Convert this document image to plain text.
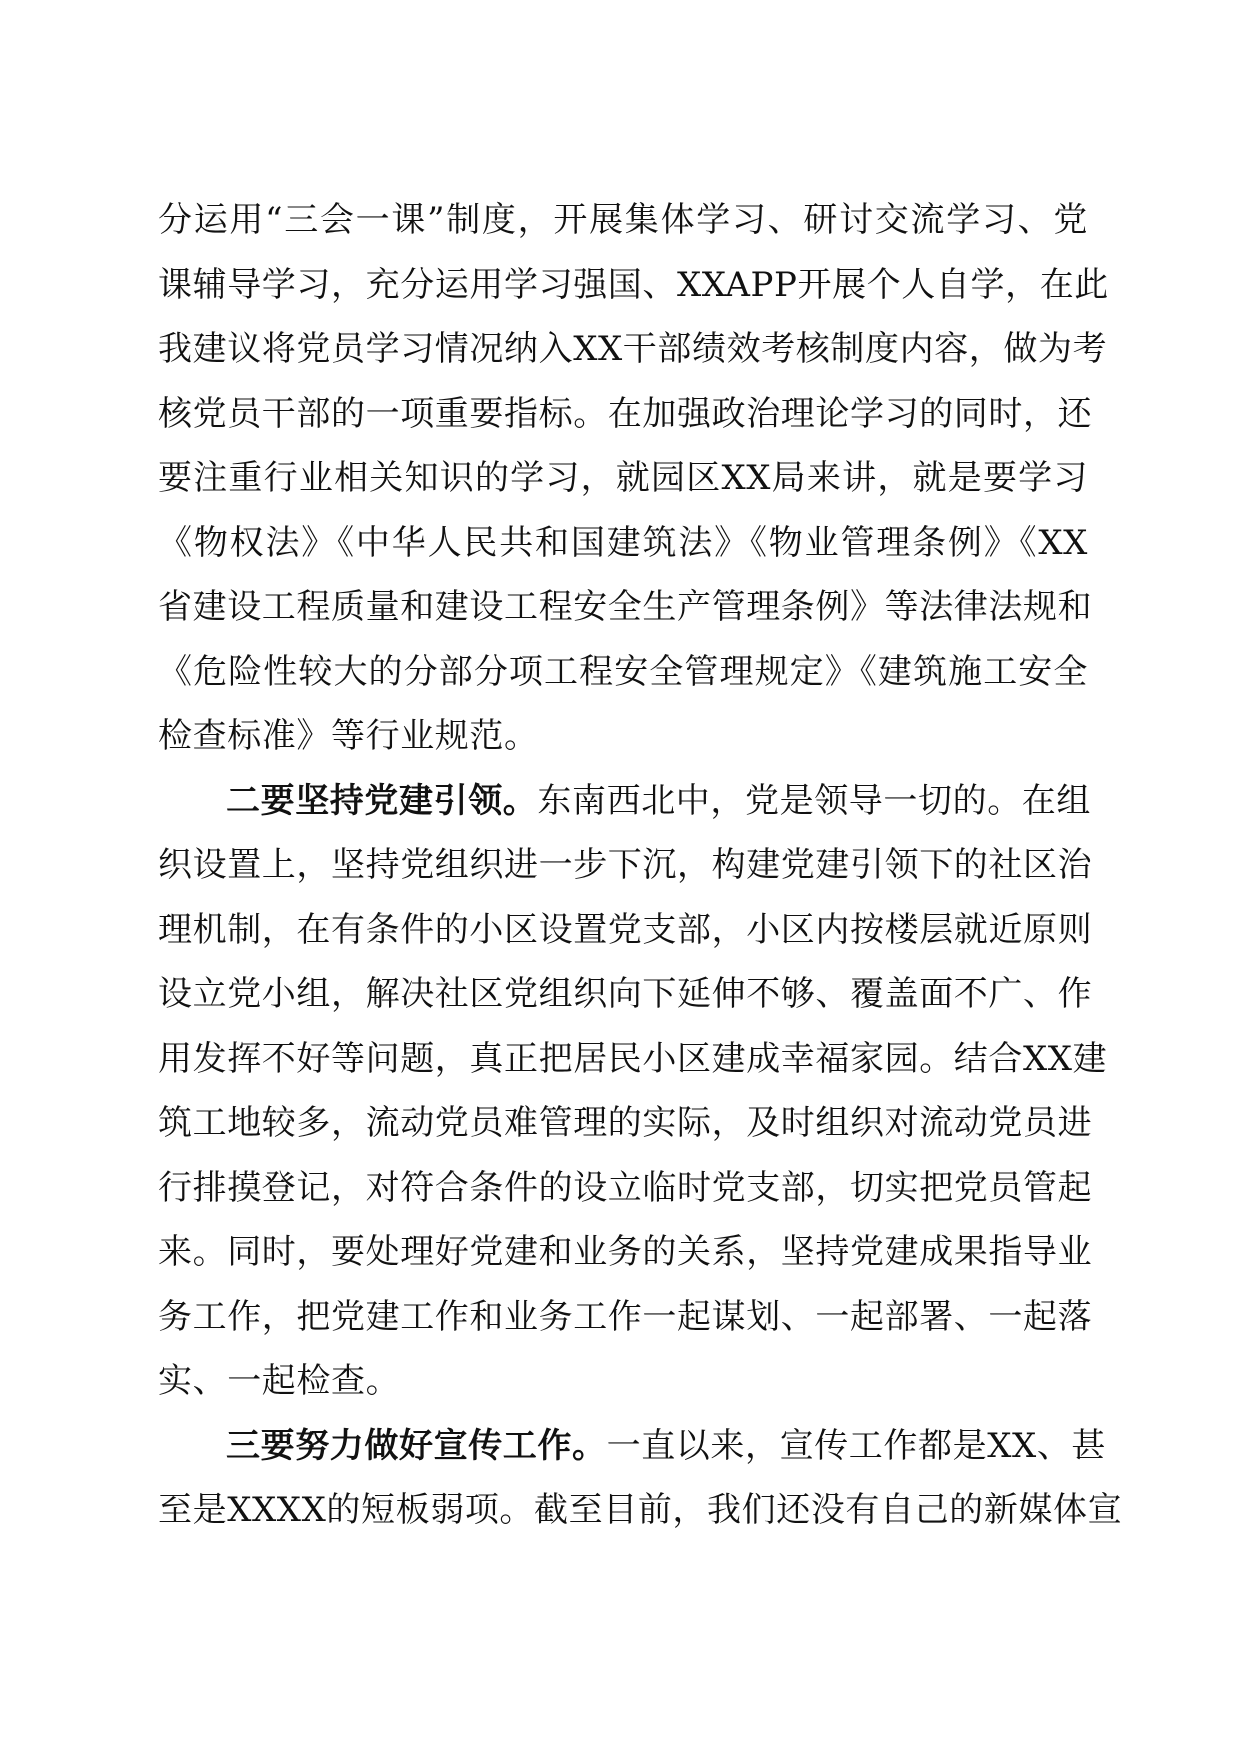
分运用“三会一课”制度，开展集体学习、研讨交流学习、党
课辅导学习，充分运用学习强国、XXAPP开展个人自学，在此
我建议将党员学习情况纳入XX干部绩效考核制度内容，做为考
核党员干部的一项重要指标。在加强政治理论学习的同时，还
要注重行业相关知识的学习，就园区XX局来讲，就是要学习
《物权法》《中华人民共和国建筑法》《物业管理条例》《XX
省建设工程质量和建设工程安全生产管理条例》等法律法规和
《危险性较大的分部分项工程安全管理规定》《建筑施工安全
检查标准》等行业规范。
二要坚持党建引领。东南西北中，党是领导一切的。在组
织设置上，坚持党组织进一步下沉，构建党建引领下的社区治
理机制，在有条件的小区设置党支部，小区内按楼层就近原则
设立党小组，解决社区党组织向下延伸不够、覆盖面不广、作
用发挥不好等问题，真正把居民小区建成幸福家园。结合XX建
筑工地较多，流动党员难管理的实际，及时组织对流动党员进
行排摸登记，对符合条件的设立临时党支部，切实把党员管起
来。同时，要处理好党建和业务的关系，坚持党建成果指导业
务工作，把党建工作和业务工作一起谋划、一起部署、一起落
实、一起检查。
三要努力做好宣传工作。一直以来，宣传工作都是XX、甚
至是XXXX的短板弱项。截至目前，我们还没有自己的新媒体宣
